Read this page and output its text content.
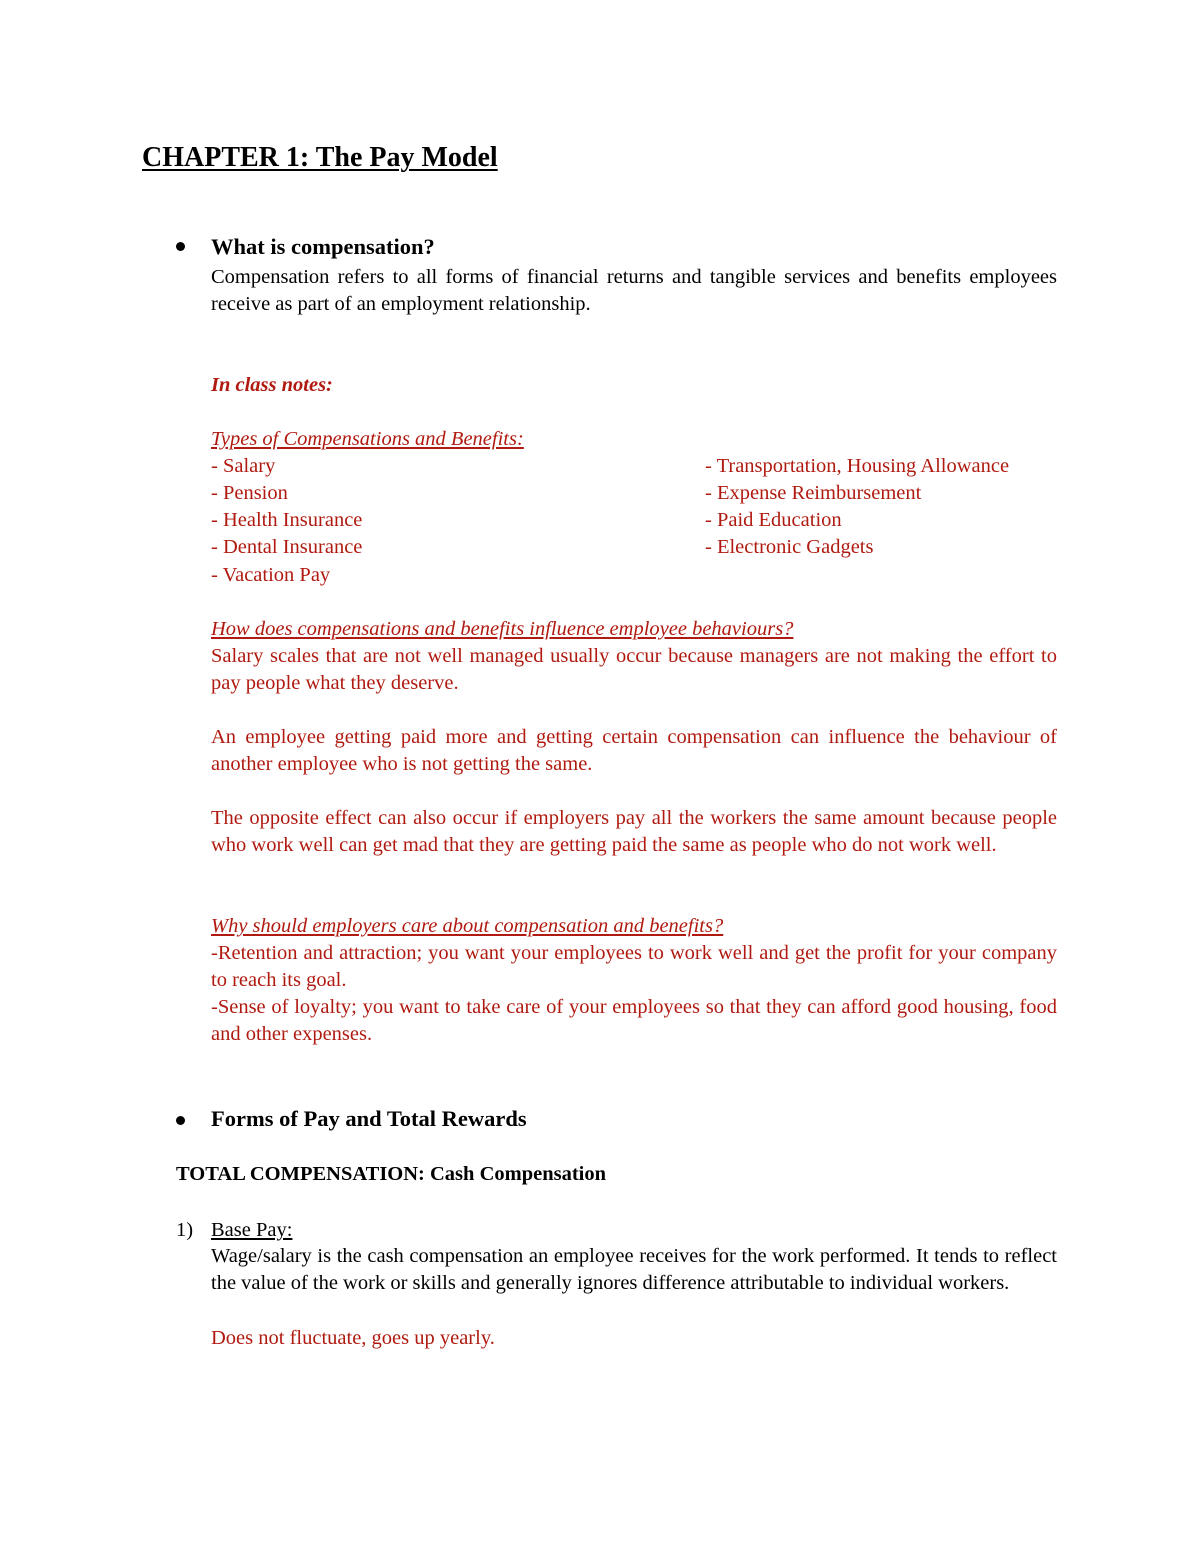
CHAPTER 1: The Pay Model
What is compensation?

Compensation refers to all forms of financial returns and tangible services and benefits employees receive as part of an employment relationship.

In class notes:
Types of Compensations and Benefits:
- Salary
- Pension
- Health Insurance
- Dental Insurance
- Vacation Pay
- Transportation, Housing Allowance
- Expense Reimbursement
- Paid Education
- Electronic Gadgets
How does compensations and benefits influence employee behaviours?

Salary scales that are not well managed usually occur because managers are not making the effort to pay people what they deserve.

An employee getting paid more and getting certain compensation can influence the behaviour of another employee who is not getting the same.

The opposite effect can also occur if employers pay all the workers the same amount because people who work well can get mad that they are getting paid the same as people who do not work well.

Why should employers care about compensation and benefits?

-Retention and attraction; you want your employees to work well and get the profit for your company to reach its goal.

-Sense of loyalty; you want to take care of your employees so that they can afford good housing, food and other expenses.

Forms of Pay and Total Rewards
TOTAL COMPENSATION: Cash Compensation
1) Base Pay:

Wage/salary is the cash compensation an employee receives for the work performed. It tends to reflect the value of the work or skills and generally ignores difference attributable to individual workers.

Does not fluctuate, goes up yearly.
